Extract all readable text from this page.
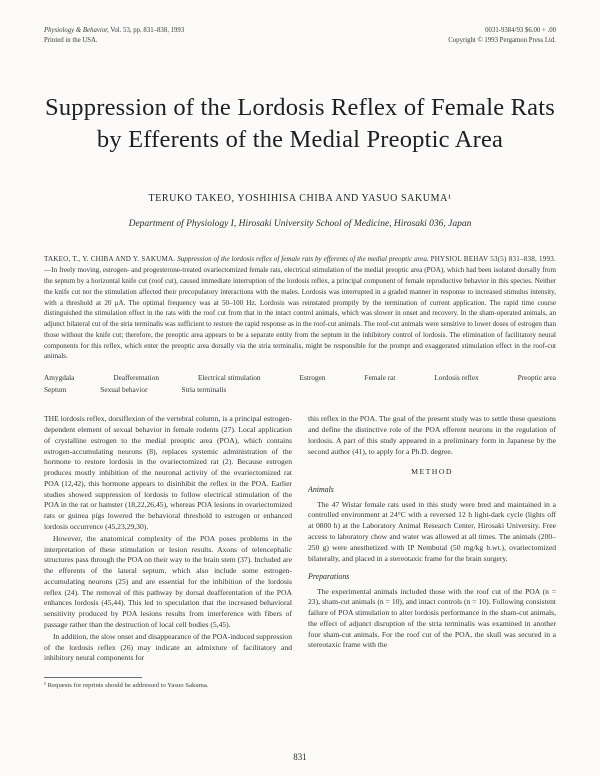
Physiology & Behavior, Vol. 53, pp. 831–838, 1993
Printed in the USA.
0031-9384/93 $6.00 + .00
Copyright © 1993 Pergamon Press Ltd.
Suppression of the Lordosis Reflex of Female Rats by Efferents of the Medial Preoptic Area
TERUKO TAKEO, YOSHIHISA CHIBA AND YASUO SAKUMA¹
Department of Physiology I, Hirosaki University School of Medicine, Hirosaki 036, Japan

TAKEO, T., Y. CHIBA AND Y. SAKUMA. Suppression of the lordosis reflex of female rats by efferents of the medial preoptic area. PHYSIOL BEHAV 53(5) 831–838, 1993.—In freely moving, estrogen- and progesterone-treated ovariectomized female rats, electrical stimulation of the medial preoptic area (POA), which had been isolated dorsally from the septum by a horizontal knife cut (roof cut), caused immediate interruption of the lordosis reflex, a principal component of female reproductive behavior in this species. Neither the knife cut nor the stimulation affected their precopulatory interactions with the males. Lordosis was interrupted in a graded manner in response to increased stimulus intensity, with a threshold at 20 μA. The optimal frequency was at 50–100 Hz. Lordosis was reinstated promptly by the termination of current application. The rapid time course distinguished the stimulation effect in the rats with the roof cut from that in the intact control animals, which was slower in onset and recovery. In the sham-operated animals, an adjunct bilateral cut of the stria terminalis was sufficient to restore the rapid response as in the roof-cut animals. The roof-cut animals were sensitive to lower doses of estrogen than those without the knife cut; therefore, the preoptic area appears to be a separate entity from the septum in the inhibitory control of lordosis. The elimination of facilitatory neural components for this reflex, which enter the preoptic area dorsally via the stria terminalis, might be responsible for the prompt and exaggerated stimulation effect in the roof-cut animals.

Amygdala	Deafferentation	Electrical stimulation	Estrogen	Female rat	Lordosis reflex	Preoptic area
Septum	Sexual behavior	Stria terminalis

THE lordosis reflex, dorsiflexion of the vertebral column, is a principal estrogen-dependent element of sexual behavior in female rodents (27). Local application of crystalline estrogen to the medial preoptic area (POA), which contains estrogen-accumulating neurons (8), replaces systemic administration of the hormone to restore lordosis in the ovariectomized rat (2). Because estrogen produces mostly inhibition of the neuronal activity of the ovariectomized rat POA (12,42), this hormone appears to disinhibit the reflex in the POA. Earlier studies showed suppression of lordosis to follow electrical stimulation of the POA in the rat or hamster (18,22,26,45), whereas POA lesions in ovariectomized rats or guinea pigs lowered the behavioral threshold to estrogen or enhanced lordosis occurrence (45,23,29,30).

However, the anatomical complexity of the POA poses problems in the interpretation of these stimulation or lesion results. Axons of telencephalic structures pass through the POA on their way to the brain stem (37). Included are the efferents of the lateral septum, which also include some estrogen-accumulating neurons (25) and are essential for the inhibition of the lordosis reflex (24). The removal of this pathway by dorsal deafferentation of the POA enhances lordosis (45,44). This led to speculation that the increased behavioral sensitivity produced by POA lesions results from interference with fibers of passage rather than the destruction of local cell bodies (5,45).

In addition, the slow onset and disappearance of the POA-induced suppression of the lordosis reflex (26) may indicate an admixture of facilitatory and inhibitory neural components for

¹ Requests for reprints should be addressed to Yasuo Sakuma.

this reflex in the POA. The goal of the present study was to settle these questions and define the distinctive role of the POA efferent neurons in the regulation of lordosis. A part of this study appeared in a preliminary form in Japanese by the second author (41), to apply for a Ph.D. degree.

METHOD
Animals

The 47 Wistar female rats used in this study were bred and maintained in a controlled environment at 24°C with a reversed 12 h light-dark cycle (lights off at 0800 h) at the Laboratory Animal Research Center, Hirosaki University. Free access to laboratory chow and water was allowed at all times. The animals (200–250 g) were anesthetized with IP Nembutal (50 mg/kg b.wt.), ovariectomized bilaterally, and placed in a stereotaxic frame for the brain surgery.

Preparations

The experimental animals included those with the roof cut of the POA (n = 23), sham-cut animals (n = 10), and intact controls (n = 10). Following consistent failure of POA stimulation to alter lordosis performance in the sham-cut animals, the effect of adjunct disruption of the stria terminalis was examined in another four sham-cut animals. For the roof cut of the POA, the skull was secured in a stereotaxic frame with the

831
